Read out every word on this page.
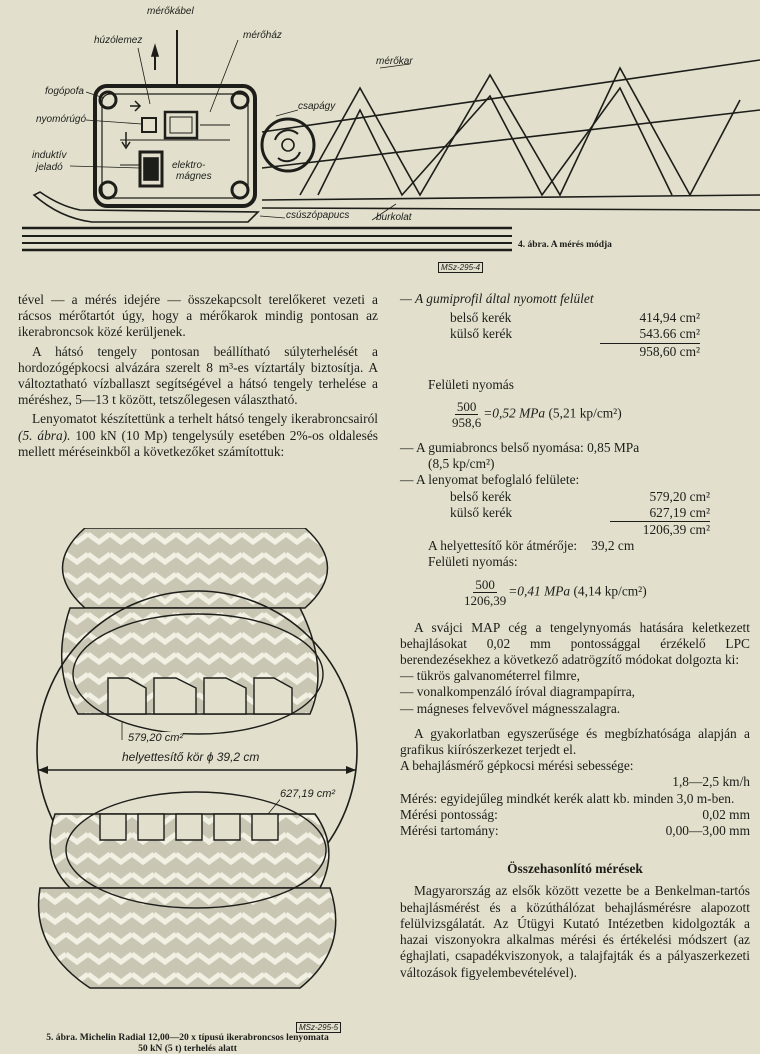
mérőkábel
húzólemez	mérőház
mérőkar
fogópofa
nyomórúgó
csapágy
induktív
jeladó	elektro-
mágnes
csúszópapucs	burkolat
4. ábra. A mérés módja
MSz-295-4

tével — a mérés idejére — összekapcsolt terelőkeret vezeti a rácsos mérőtartót úgy, hogy a mérőkarok mindig pontosan az ikerabroncsok közé kerüljenek.

A hátsó tengely pontosan beállítható súlyterhelését a hordozógépkocsi alvázára szerelt 8 m³-es víztartály biztosítja. A változtatható vízballaszt segítségével a hátsó tengely terhelése a méréshez, 5—13 t között, tetszőlegesen választható.

Lenyomatot készítettünk a terhelt hátsó tengely ikerabroncsairól (5. ábra). 100 kN (10 Mp) tengelysúly esetében 2%-os oldalesés mellett méréseinkből a következőket számítottuk:

579,20 cm²
helyettesítő kör ϕ 39,2 cm
627,19 cm²
MSz-295-5
5. ábra. Michelin Radial 12,00—20 x típusú ikerabroncsos lenyomata
50 kN (5 t) terhelés alatt
— A gumiprofil által nyomott felület
belső kerék	414,94 cm²
külső kerék	543.66 cm²
958,60 cm²
Felületi nyomás
$\frac{500}{958,6} =0,52$ MPa (5,21 kp/cm²)
— A gumiabroncs belső nyomása: 0,85 MPa
(8,5 kp/cm²)
— A lenyomat befoglaló felülete:
belső kerék	579,20 cm²
külső kerék	627,19 cm²
1206,39 cm²
A helyettesítő kör átmérője: 39,2 cm
Felületi nyomás:
$\frac{500}{1206,39} =0,41$ MPa (4,14 kp/cm²)

A svájci MAP cég a tengelynyomás hatására keletkezett behajlásokat 0,02 mm pontossággal érzékelő LPC berendezésekhez a következő adatrögzítő módokat dolgozta ki:

— tükrös galvanométerrel filmre,
— vonalkompenzáló íróval diagrampapírra,
— mágneses felvevővel mágnesszalagra.

A gyakorlatban egyszerűsége és megbízhatósága alapján a grafikus kiírószerkezet terjedt el.

A behajlásmérő gépkocsi mérési sebessége:
1,8—2,5 km/h

Mérés: egyidejűleg mindkét kerék alatt kb. minden 3,0 m-ben.

Mérési pontosság:	0,02 mm
Mérési tartomány:	0,00—3,00 mm
Összehasonlító mérések

Magyarország az elsők között vezette be a Benkelman-tartós behajlásmérést és a közúthálózat behajlásmérésre alapozott felülvizsgálatát. Az Útügyi Kutató Intézetben kidolgozták a hazai viszonyokra alkalmas mérési és értékelési módszert (az éghajlati, csapadékviszonyok, a talajfajták és a pályaszerkezeti változások figyelembevételével).
